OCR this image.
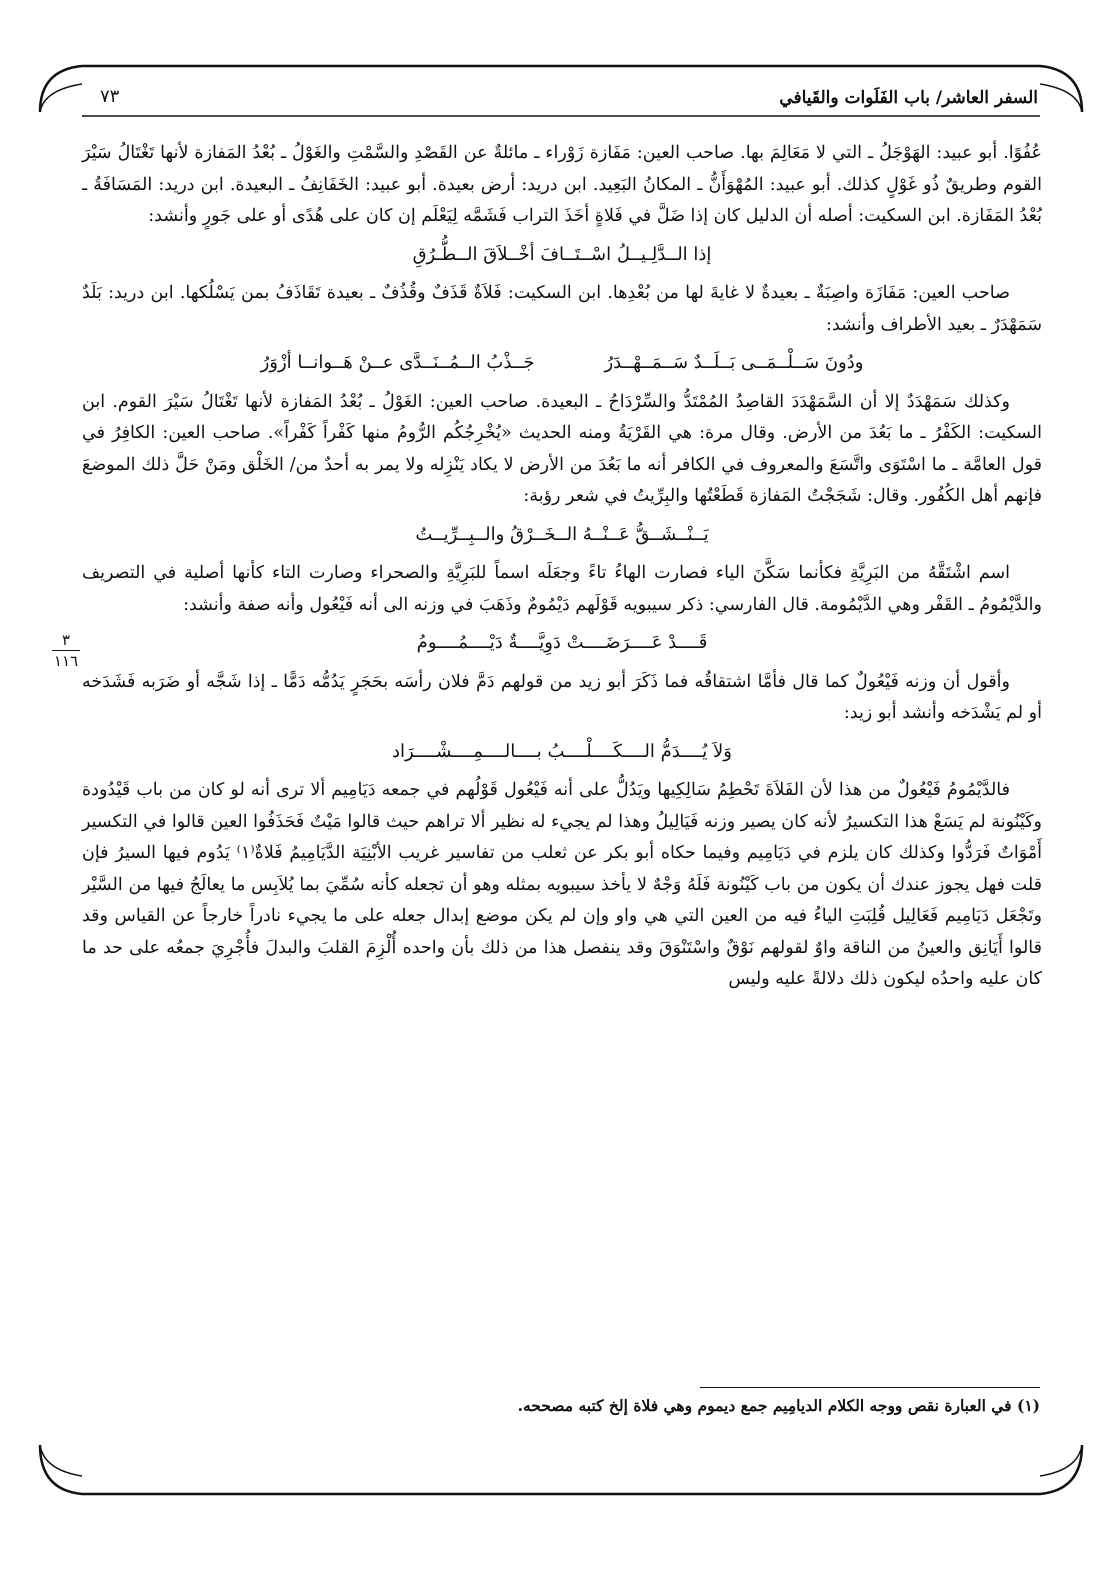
السفر العاشر/ باب الفَلَوات والقَيافي
٧٣
٣
١١٦

عُفُوًا. أبو عبيد: الهَوْجَلُ ـ التي لا مَعَالِمَ بها. صاحب العين: مَفَازة زَوْراء ـ مائلةٌ عن القَصْدِ والسَّمْتِ والغَوْلُ ـ بُعْدُ المَفازة لأنها تَغْتَالُ سَيْرَ القوم وطريقٌ ذُو غَوْلٍ كذلك. أبو عبيد: المُهْوَأَنُّ ـ المكانُ البَعِيد. ابن دريد: أرض بعيدة. أبو عبيد: الخَفَانِفُ ـ البعيدة. ابن دريد: المَسَافَةُ ـ بُعْدُ المَفَازة. ابن السكيت: أصله أن الدليل كان إذا ضَلَّ في فَلاةٍ أخَذَ التراب فَشَمَّه لِيَعْلَم إن كان على هُدًى أو على جَورٍ وأنشد:

إذا الــدَّلِـيــلُ اسْــتَــافَ أخْــلاَقَ الــطُّـرُقِ

صاحب العين: مَفَازَة واصِبَةٌ ـ بعيدةٌ لا غايةَ لها من بُعْدِها. ابن السكيت: فَلاَةٌ قَذَفٌ وقُذُفٌ ـ بعيدة تَقَاذَفُ بمن يَسْلُكها. ابن دريد: بَلَدٌ سَمَهْدَرٌ ـ بعيد الأطراف وأنشد:

ودُونَ سَــلْــمَــى بَــلَــدٌ سَــمَــهْــدَرُ
جَــذْبُ الــمُــنَــدَّى عــنْ هَــوانــا أزْوَرُ

وكذلك سَمَهْدَدٌ إلا أن السَّمَهْدَدَ القاصِدُ المُمْتَدُّ والسِّرْدَاحُ ـ البعيدة. صاحب العين: الغَوْلُ ـ بُعْدُ المَفازة لأنها تَغْتَالُ سَيْرَ القوم. ابن السكيت: الكَفْرُ ـ ما بَعُدَ من الأرض. وقال مرة: هي القَرْيَةُ ومنه الحديث «يُخْرِجُكُم الرُّومُ منها كَفْراً كَفْراً». صاحب العين: الكافِرُ في قول العامَّة ـ ما اسْتَوَى واتَّسَعَ والمعروف في الكافر أنه ما بَعُدَ من الأرض لا يكاد يَنْزِله ولا يمر به أحدٌ من/ الخَلْق ومَنْ حَلَّ ذلك الموضعَ فإنهم أهل الكُفُور. وقال: شَجَجْتُ المَفازة قَطَعْتُها والبِرِّيتُ في شعر رؤبة:

يَــنْــشَــقُّ عَــنْــهُ الــخَــرْقُ والــبِــرِّيــتُ

اسم اشْتَقَّهُ من البَرِيَّةِ فكأنما سَكَّنَ الياء فصارت الهاءُ تاءً وجعَلَه اسماً للبَرِيَّةِ والصحراء وصارت التاء كأنها أصلية في التصريف والدَّيْمُومُ ـ القَفْر وهي الدَّيْمُومة. قال الفارسي: ذكر سيبويه قَوْلَهم دَيْمُومٌ وذَهَبَ في وزنه الى أنه فَيْعُول وأنه صفة وأنشد:

قَــــدْ عَــــرَضَــــتْ دَوِيَّــــةٌ دَيْــــمُــــومُ

وأقول أن وزنه فَيْعُولٌ كما قال فأمَّا اشتقاقُه فما ذَكَرَ أبو زيد من قولهم دَمَّ فلان رأسَه بحَجَرٍ يَدُمُّه دَمًّا ـ إذا شَجَّه أو ضَرَبه فَشَدَخه أو لم يَشْدَخه وأنشد أبو زيد:

وَلاَ يُــــدَمُّ الــــكَــــلْــــبُ بــــالــــمِــــشْــــرَاد

فالدَّيْمُومُ فَيْعُولٌ من هذا لأن الفَلاَةَ تَحْطِمُ سَالِكِيها ويَدُلُّ على أنه فَيْعُول قَوْلُهم في جمعه دَيَامِيم ألا ترى أنه لو كان من باب قَيْدُودة وكَيْنُونة لم يَسَعْ هذا التكسيرُ لأنه كان يصير وزنه فَيَالِيلُ وهذا لم يجيء له نظير ألا تراهم حيث قالوا مَيْتٌ فَحَذَفُوا العين قالوا في التكسير أَمْوَاتٌ فَرَدُّوا وكذلك كان يلزم في دَيَامِيم وفيما حكاه أبو بكر عن ثعلب من تفاسير غريب الأبْنِيَة الدَّيَامِيمُ فَلاةٌ⁽١⁾ يَدُوم فيها السيرُ فإن قلت فهل يجوز عندك أن يكون من باب كَيْنُونة فَلَهُ وَجْهٌ لا يأخذ سيبويه بمثله وهو أن تجعله كأنه سُمِّيَ بما يُلاَبِس ما يعالَجُ فيها من السَّيْر وتَجْعَل دَيَامِيم فَعَالِيل قُلِبَتِ الياءُ فيه من العين التي هي واو وإن لم يكن موضع إبدال جعله على ما يجيء نادراً خارجاً عن القياس وقد قالوا أَيَانِق والعينُ من الناقة واوٌ لقولهم نَوْقٌ واسْتَنْوَقَ وقد ينفصل هذا من ذلك بأن واحده أُلْزِمَ القلبَ والبدلَ فأُجْرِيَ جمعُه على حد ما كان عليه واحدُه ليكون ذلك دلالةً عليه وليس

(١) في العبارة نقص ووجه الكلام الديامِيم جمع ديموم وهي فلاة إلخ كتبه مصححه.
